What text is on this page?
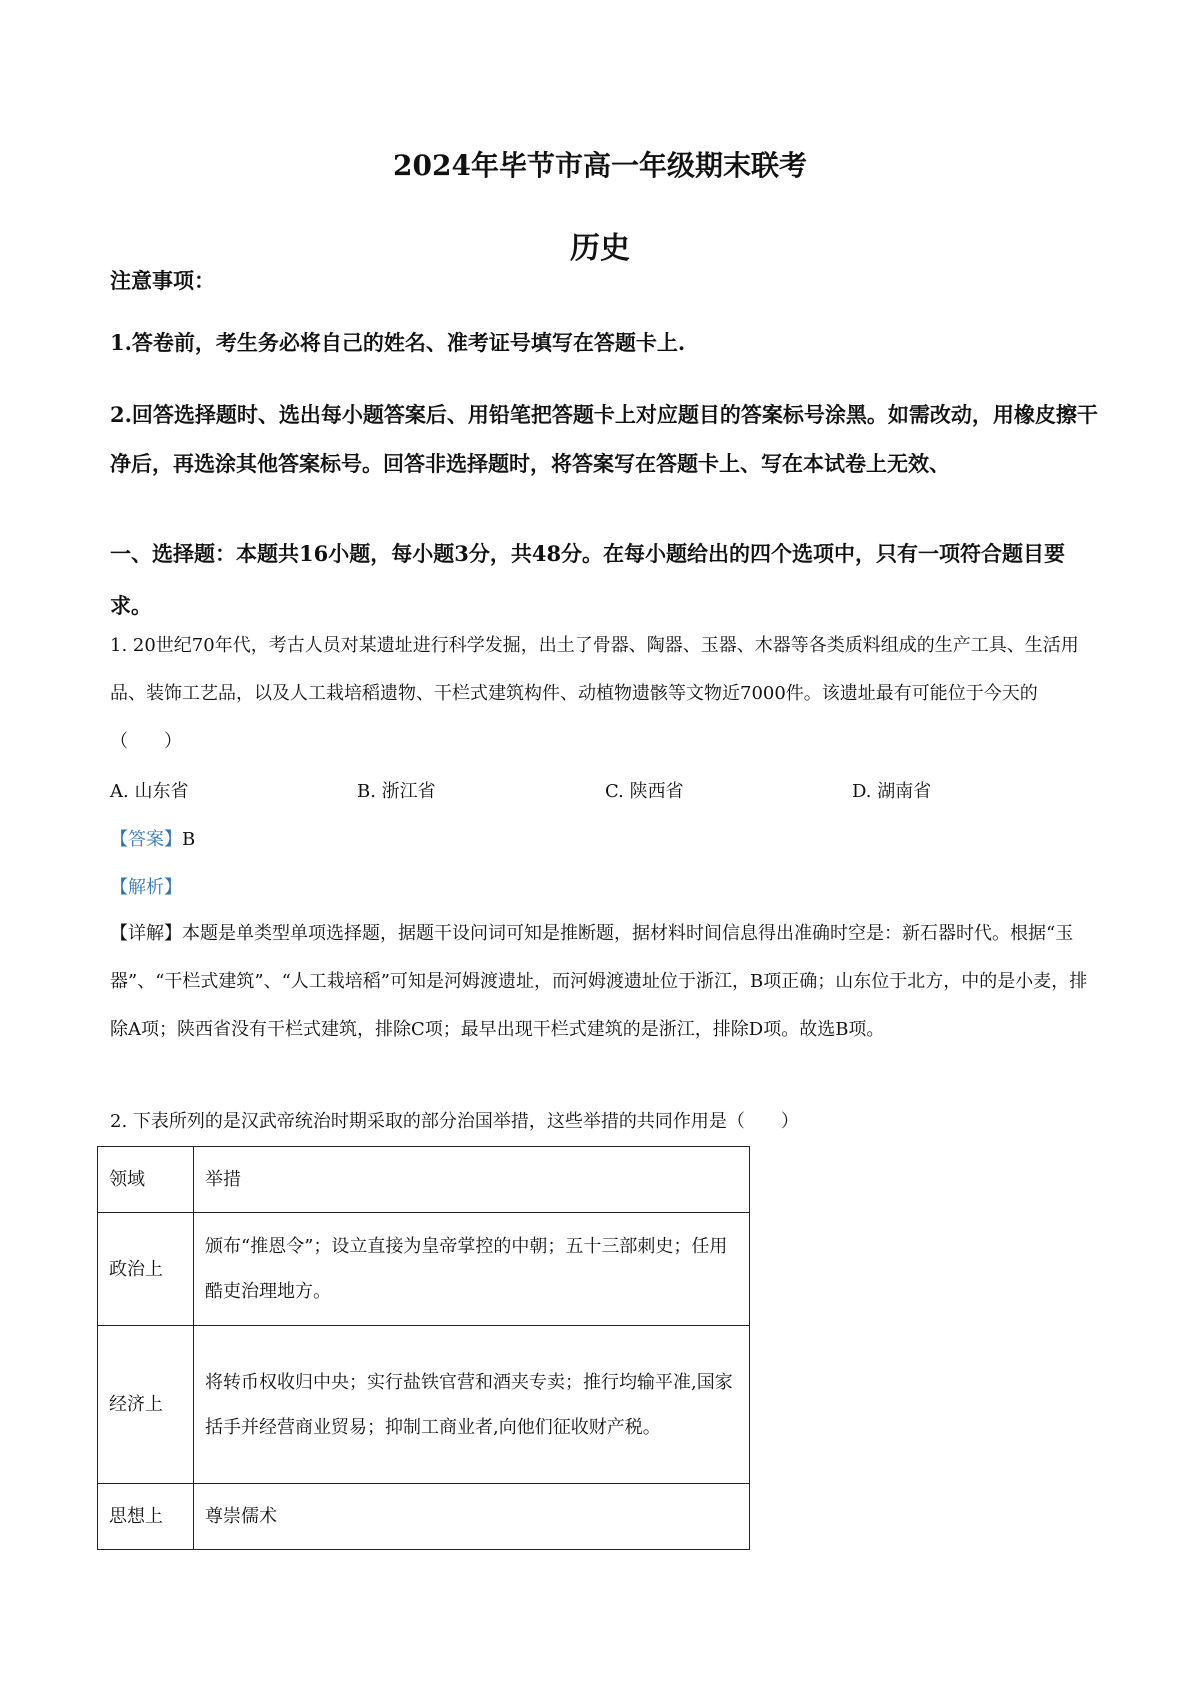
2024年毕节市高一年级期末联考
历史
注意事项：
1.答卷前，考生务必将自己的姓名、准考证号填写在答题卡上.
2.回答选择题时、选出每小题答案后、用铅笔把答题卡上对应题目的答案标号涂黑。如需改动，用橡皮擦干净后，再选涂其他答案标号。回答非选择题时，将答案写在答题卡上、写在本试卷上无效、
一、选择题：本题共16小题，每小题3分，共48分。在每小题给出的四个选项中，只有一项符合题目要求。
1. 20世纪70年代，考古人员对某遗址进行科学发掘，出土了骨器、陶器、玉器、木器等各类质料组成的生产工具、生活用品、装饰工艺品，以及人工栽培稻遗物、干栏式建筑构件、动植物遗骸等文物近7000件。该遗址最有可能位于今天的（　　）
A. 山东省	B. 浙江省	C. 陕西省	D. 湖南省
【答案】B
【解析】
【详解】本题是单类型单项选择题，据题干设问词可知是推断题，据材料时间信息得出准确时空是：新石器时代。根据“玉器”、“干栏式建筑”、“人工栽培稻”可知是河姆渡遗址，而河姆渡遗址位于浙江，B项正确；山东位于北方，中的是小麦，排除A项；陕西省没有干栏式建筑，排除C项；最早出现干栏式建筑的是浙江，排除D项。故选B项。
2. 下表所列的是汉武帝统治时期采取的部分治国举措，这些举措的共同作用是（　　）
领域	举措
政治上	颁布“推恩令”；设立直接为皇帝掌控的中朝；五十三部刺史；任用酷吏治理地方。
经济上	将转币权收归中央；实行盐铁官营和酒夹专卖；推行均输平准,国家括手并经营商业贸易；抑制工商业者,向他们征收财产税。
思想上	尊崇儒术
